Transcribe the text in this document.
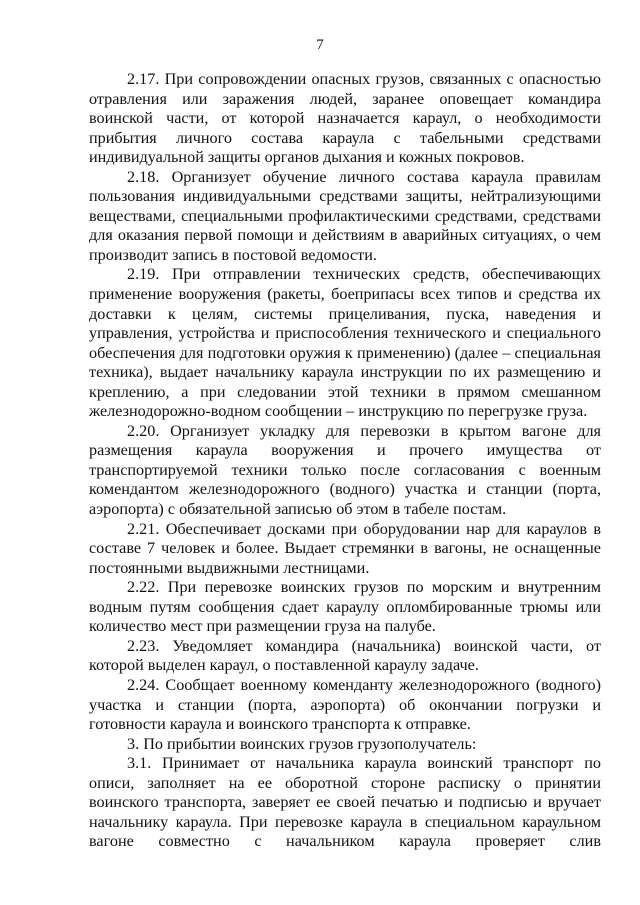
7

2.17. При сопровождении опасных грузов, связанных с опасностью отравления или заражения людей, заранее оповещает командира воинской части, от которой назначается караул, о необходимости прибытия личного состава караула с табельными средствами индивидуальной защиты органов дыхания и кожных покровов.

2.18. Организует обучение личного состава караула правилам пользования индивидуальными средствами защиты, нейтрализующими веществами, специальными профилактическими средствами, средствами для оказания первой помощи и действиям в аварийных ситуациях, о чем производит запись в постовой ведомости.

2.19. При отправлении технических средств, обеспечивающих применение вооружения (ракеты, боеприпасы всех типов и средства их доставки к целям, системы прицеливания, пуска, наведения и управления, устройства и приспособления технического и специального обеспечения для подготовки оружия к применению) (далее – специальная техника), выдает начальнику караула инструкции по их размещению и креплению, а при следовании этой техники в прямом смешанном железнодорожно-водном сообщении – инструкцию по перегрузке груза.

2.20. Организует укладку для перевозки в крытом вагоне для размещения караула вооружения и прочего имущества от транспортируемой техники только после согласования с военным комендантом железнодорожного (водного) участка и станции (порта, аэропорта) с обязательной записью об этом в табеле постам.

2.21. Обеспечивает досками при оборудовании нар для караулов в составе 7 человек и более. Выдает стремянки в вагоны, не оснащенные постоянными выдвижными лестницами.

2.22. При перевозке воинских грузов по морским и внутренним водным путям сообщения сдает караулу опломбированные трюмы или количество мест при размещении груза на палубе.

2.23. Уведомляет командира (начальника) воинской части, от которой выделен караул, о поставленной караулу задаче.

2.24. Сообщает военному коменданту железнодорожного (водного) участка и станции (порта, аэропорта) об окончании погрузки и готовности караула и воинского транспорта к отправке.

3. По прибытии воинских грузов грузополучатель:

3.1. Принимает от начальника караула воинский транспорт по описи, заполняет на ее оборотной стороне расписку о принятии воинского транспорта, заверяет ее своей печатью и подписью и вручает начальнику караула. При перевозке караула в специальном караульном вагоне совместно с начальником караула проверяет слив
